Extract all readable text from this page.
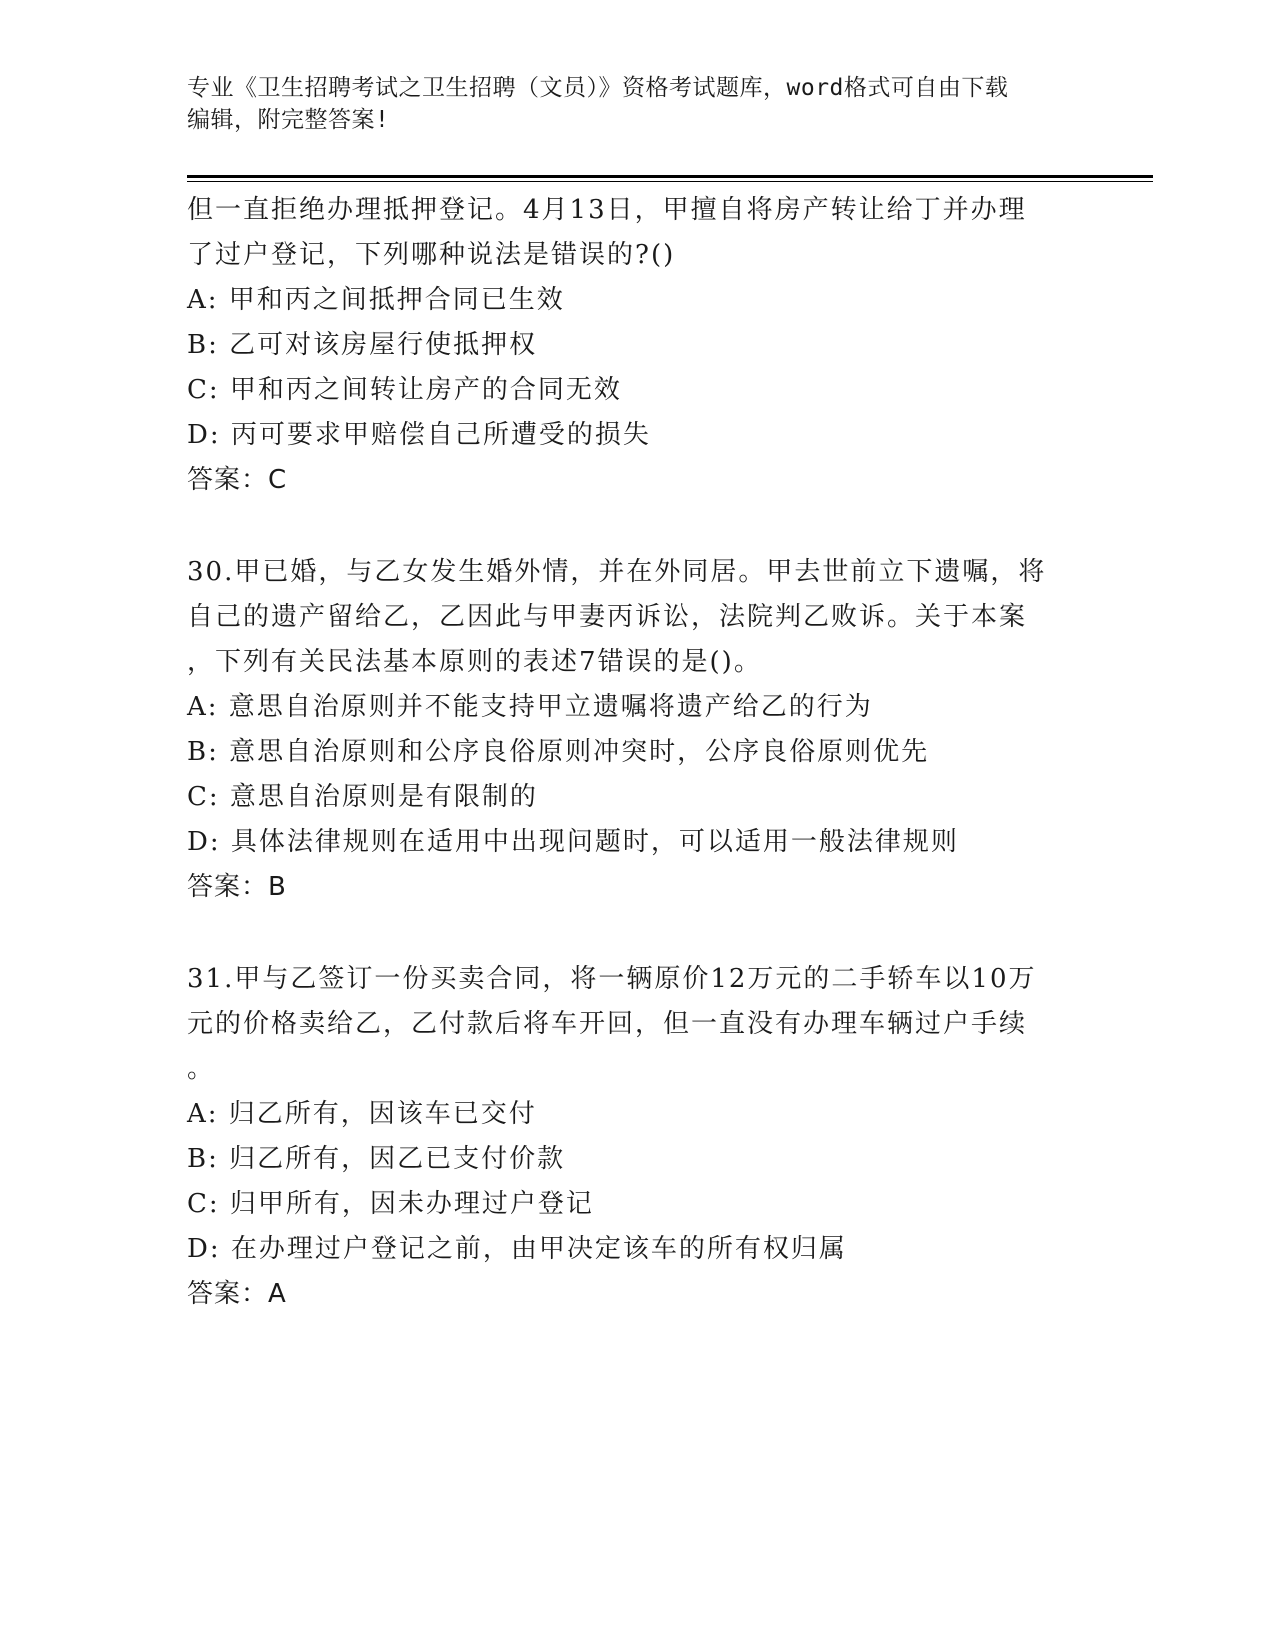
专业《卫生招聘考试之卫生招聘（文员）》资格考试题库，word格式可自由下载
编辑，附完整答案!
但一直拒绝办理抵押登记。4月13日，甲擅自将房产转让给丁并办理
了过户登记，下列哪种说法是错误的?()
A: 甲和丙之间抵押合同已生效
B: 乙可对该房屋行使抵押权
C: 甲和丙之间转让房产的合同无效
D: 丙可要求甲赔偿自己所遭受的损失
答案：C
30.甲已婚，与乙女发生婚外情，并在外同居。甲去世前立下遗嘱，将
自己的遗产留给乙，乙因此与甲妻丙诉讼，法院判乙败诉。关于本案
，下列有关民法基本原则的表述7错误的是()。
A: 意思自治原则并不能支持甲立遗嘱将遗产给乙的行为
B: 意思自治原则和公序良俗原则冲突时，公序良俗原则优先
C: 意思自治原则是有限制的
D: 具体法律规则在适用中出现问题时，可以适用一般法律规则
答案：B
31.甲与乙签订一份买卖合同，将一辆原价12万元的二手轿车以10万
元的价格卖给乙，乙付款后将车开回，但一直没有办理车辆过户手续
。
A: 归乙所有，因该车已交付
B: 归乙所有，因乙已支付价款
C: 归甲所有，因未办理过户登记
D: 在办理过户登记之前，由甲决定该车的所有权归属
答案：A
